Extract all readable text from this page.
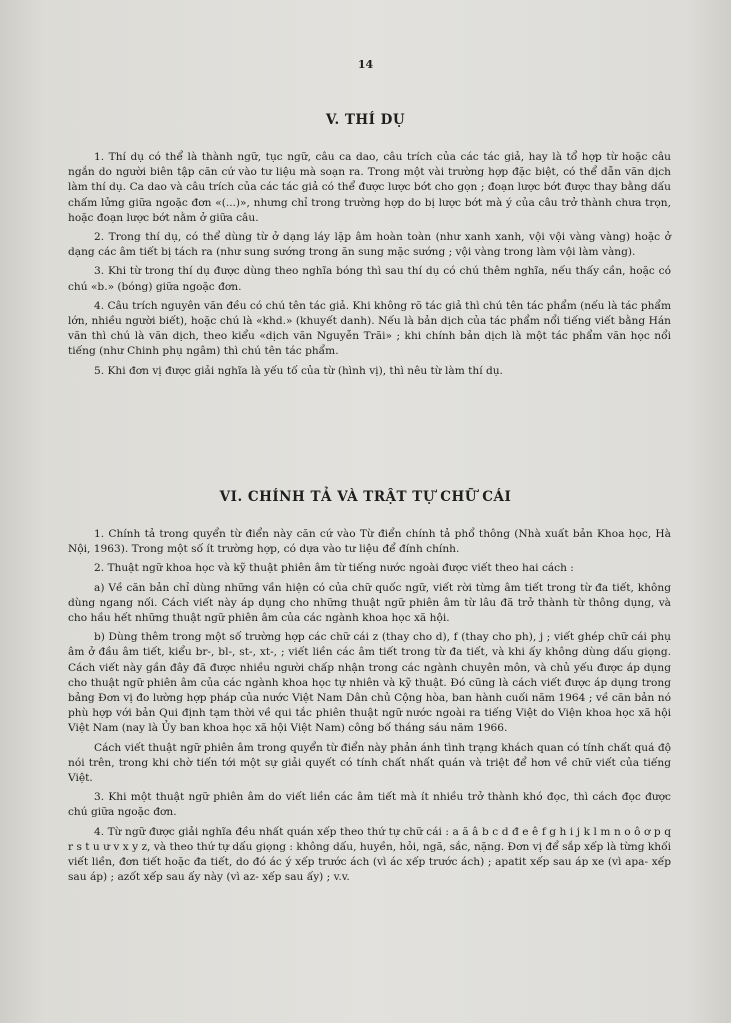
14
V. THÍ DỤ

1. Thí dụ có thể là thành ngữ, tục ngữ, câu ca dao, câu trích của các tác giả, hay là tổ hợp từ hoặc câu ngắn do người biên tập căn cứ vào tư liệu mà soạn ra. Trong một vài trường hợp đặc biệt, có thể dẫn văn dịch làm thí dụ. Ca dao và câu trích của các tác giả có thể được lược bớt cho gọn ; đoạn lược bớt được thay bằng dấu chấm lửng giữa ngoặc đơn «(...)», nhưng chỉ trong trường hợp do bị lược bớt mà ý của câu trở thành chưa trọn, hoặc đoạn lược bớt nằm ở giữa câu.

2. Trong thí dụ, có thể dùng từ ở dạng láy lặp âm hoàn toàn (như xanh xanh, vội vội vàng vàng) hoặc ở dạng các âm tiết bị tách ra (như sung sướng trong ăn sung mặc sướng ; vội vàng trong làm vội làm vàng).

3. Khi từ trong thí dụ được dùng theo nghĩa bóng thì sau thí dụ có chú thêm nghĩa, nếu thấy cần, hoặc có chú «b.» (bóng) giữa ngoặc đơn.

4. Câu trích nguyên văn đều có chú tên tác giả. Khi không rõ tác giả thì chú tên tác phẩm (nếu là tác phẩm lớn, nhiều người biết), hoặc chú là «khd.» (khuyết danh). Nếu là bản dịch của tác phẩm nổi tiếng viết bằng Hán văn thì chú là văn dịch, theo kiểu «dịch văn Nguyễn Trãi» ; khi chính bản dịch là một tác phẩm văn học nổi tiếng (như Chinh phụ ngâm) thì chú tên tác phẩm.

5. Khi đơn vị được giải nghĩa là yếu tố của từ (hình vị), thì nêu từ làm thí dụ.

VI. CHÍNH TẢ VÀ TRẬT TỰ CHỮ CÁI

1. Chính tả trong quyển từ điển này căn cứ vào Từ điển chính tả phổ thông (Nhà xuất bản Khoa học, Hà Nội, 1963). Trong một số ít trường hợp, có dựa vào tư liệu để đính chính.

2. Thuật ngữ khoa học và kỹ thuật phiên âm từ tiếng nước ngoài được viết theo hai cách :

a) Về căn bản chỉ dùng những vần hiện có của chữ quốc ngữ, viết rời từng âm tiết trong từ đa tiết, không dùng ngang nối. Cách viết này áp dụng cho những thuật ngữ phiên âm từ lâu đã trở thành từ thông dụng, và cho hầu hết những thuật ngữ phiên âm của các ngành khoa học xã hội.

b) Dùng thêm trong một số trường hợp các chữ cái z (thay cho d), f (thay cho ph), j ; viết ghép chữ cái phụ âm ở đầu âm tiết, kiểu br-, bl-, st-, xt-, ; viết liền các âm tiết trong từ đa tiết, và khi ấy không dùng dấu giọng. Cách viết này gần đây đã được nhiều người chấp nhận trong các ngành chuyên môn, và chủ yếu được áp dụng cho thuật ngữ phiên âm của các ngành khoa học tự nhiên và kỹ thuật. Đó cũng là cách viết được áp dụng trong bảng Đơn vị đo lường hợp pháp của nước Việt Nam Dân chủ Cộng hòa, ban hành cuối năm 1964 ; về căn bản nó phù hợp với bản Qui định tạm thời về qui tắc phiên thuật ngữ nước ngoài ra tiếng Việt do Viện khoa học xã hội Việt Nam (nay là Ủy ban khoa học xã hội Việt Nam) công bố tháng sáu năm 1966.

Cách viết thuật ngữ phiên âm trong quyển từ điển này phản ánh tình trạng khách quan có tính chất quá độ nói trên, trong khi chờ tiến tới một sự giải quyết có tính chất nhất quán và triệt để hơn về chữ viết của tiếng Việt.

3. Khi một thuật ngữ phiên âm do viết liền các âm tiết mà ít nhiều trở thành khó đọc, thì cách đọc được chú giữa ngoặc đơn.

4. Từ ngữ được giải nghĩa đều nhất quán xếp theo thứ tự chữ cái : a ă â b c d đ e ê f g h i j k l m n o ô ơ p q r s t u ư v x y z, và theo thứ tự dấu giọng : không dấu, huyền, hỏi, ngã, sắc, nặng. Đơn vị để sắp xếp là từng khối viết liền, đơn tiết hoặc đa tiết, do đó ác ý xếp trước ách (vì ác xếp trước ách) ; apatit xếp sau áp xe (vì apa- xếp sau áp) ; azốt xếp sau ấy này (vì az- xếp sau ấy) ; v.v.
